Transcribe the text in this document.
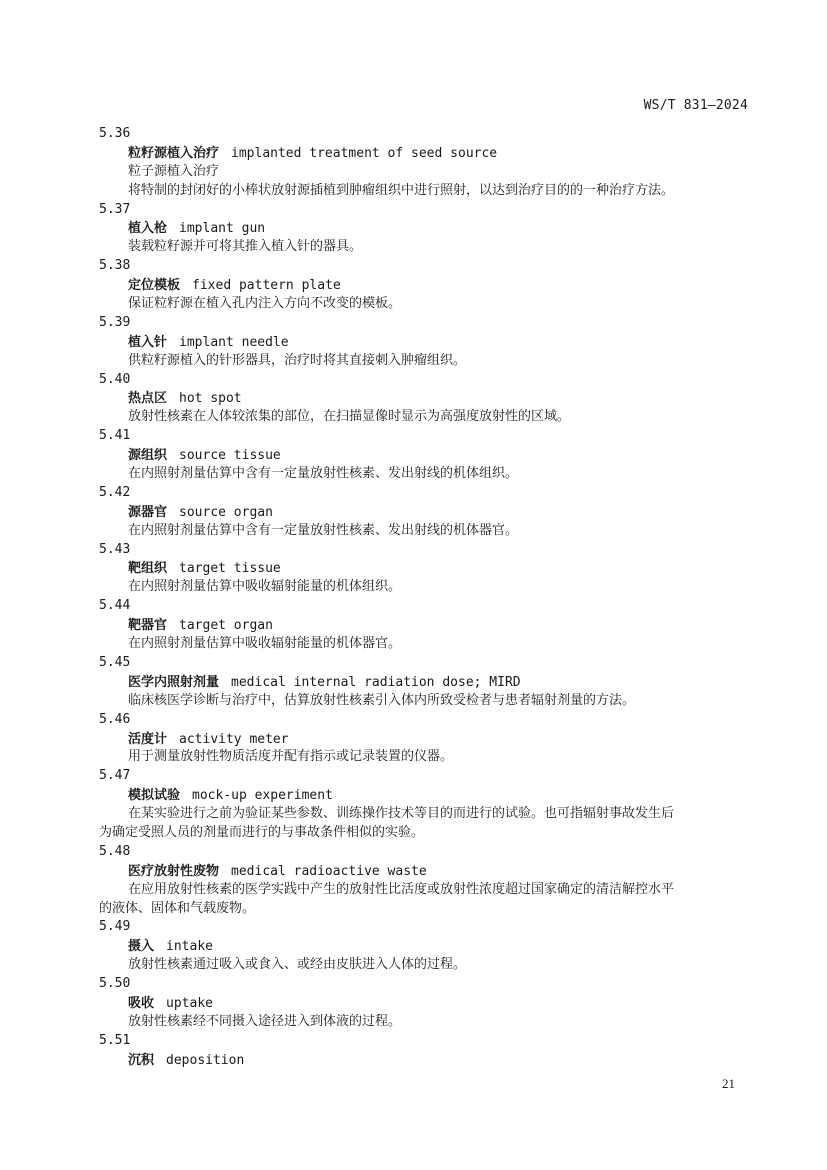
WS/T 831—2024
5.36
粒籽源植入治疗 implanted treatment of seed source
粒子源植入治疗
将特制的封闭好的小棒状放射源插植到肿瘤组织中进行照射，以达到治疗目的的一种治疗方法。
5.37
植入枪 implant gun
装载粒籽源并可将其推入植入针的器具。
5.38
定位模板 fixed pattern plate
保证粒籽源在植入孔内注入方向不改变的模板。
5.39
植入针 implant needle
供粒籽源植入的针形器具，治疗时将其直接刺入肿瘤组织。
5.40
热点区 hot spot
放射性核素在人体较浓集的部位，在扫描显像时显示为高强度放射性的区域。
5.41
源组织 source tissue
在内照射剂量估算中含有一定量放射性核素、发出射线的机体组织。
5.42
源器官 source organ
在内照射剂量估算中含有一定量放射性核素、发出射线的机体器官。
5.43
靶组织 target tissue
在内照射剂量估算中吸收辐射能量的机体组织。
5.44
靶器官 target organ
在内照射剂量估算中吸收辐射能量的机体器官。
5.45
医学内照射剂量 medical internal radiation dose; MIRD
临床核医学诊断与治疗中，估算放射性核素引入体内所致受检者与患者辐射剂量的方法。
5.46
活度计 activity meter
用于测量放射性物质活度并配有指示或记录装置的仪器。
5.47
模拟试验 mock-up experiment
在某实验进行之前为验证某些参数、训练操作技术等目的而进行的试验。也可指辐射事故发生后
为确定受照人员的剂量而进行的与事故条件相似的实验。
5.48
医疗放射性废物 medical radioactive waste
在应用放射性核素的医学实践中产生的放射性比活度或放射性浓度超过国家确定的清洁解控水平
的液体、固体和气载废物。
5.49
摄入 intake
放射性核素通过吸入或食入、或经由皮肤进入人体的过程。
5.50
吸收 uptake
放射性核素经不同摄入途径进入到体液的过程。
5.51
沉积 deposition
21
